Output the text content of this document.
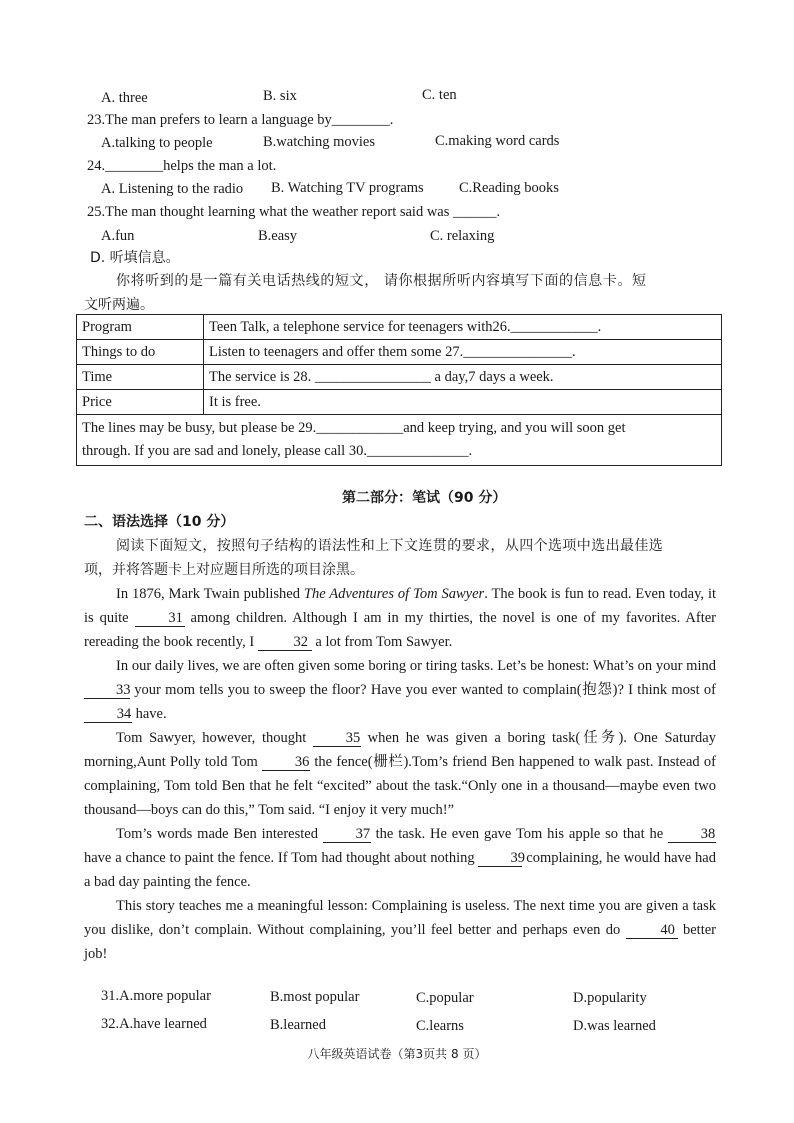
A. three	B. six	C. ten
23.The man prefers to learn a language by________.
A.talking to people	B.watching movies	C.making word cards
24.________helps the man a lot.
A. Listening to the radio B. Watching TV programs C.Reading books
25.The man thought learning what the weather report said was ______.
A.fun	B.easy	C. relaxing
D. 听填信息。
你将听到的是一篇有关电话热线的短文， 请你根据所听内容填写下面的信息卡。短
文听两遍。
Program	Teen Talk, a telephone service for teenagers with26.____________.
Things to do	Listen to teenagers and offer them some 27._______________.
Time	The service is 28. ________________ a day,7 days a week.
Price	It is free.
The lines may be busy, but please be 29.____________and keep trying, and you will soon get
through. If you are sad and lonely, please call 30.______________.	
第二部分：笔试（90 分）
二、语法选择（10 分）
阅读下面短文，按照句子结构的语法性和上下文连贯的要求，从四个选项中选出最佳选
项，并将答题卡上对应题目所选的项目涂黑。

In 1876, Mark Twain published The Adventures of Tom Sawyer. The book is fun to read. Even today, it is quite 31 among children. Although I am in my thirties, the novel is one of my favorites. After rereading the book recently, I 32 a lot from Tom Sawyer.

In our daily lives, we are often given some boring or tiring tasks. Let’s be honest: What’s on your mind 33 your mom tells you to sweep the floor? Have you ever wanted to complain(抱怨)? I think most of 34 have.

Tom Sawyer, however, thought 35 when he was given a boring task(任务). One Saturday morning,Aunt Polly told Tom 36 the fence(栅栏).Tom’s friend Ben happened to walk past. Instead of complaining, Tom told Ben that he felt “excited” about the task.“Only one in a thousand—maybe even two thousand—boys can do this,” Tom said. “I enjoy it very much!”

Tom’s words made Ben interested 37 the task. He even gave Tom his apple so that he 38 have a chance to paint the fence. If Tom had thought about nothing 39 complaining, he would have had a bad day painting the fence.

This story teaches me a meaningful lesson: Complaining is useless. The next time you are given a task you dislike, don’t complain. Without complaining, you’ll feel better and perhaps even do 40 better job!

31.A.more popular	B.most popular	C.popular	D.popularity
32.A.have learned	B.learned	C.learns	D.was learned
八年级英语试卷（第3页共 8 页）
